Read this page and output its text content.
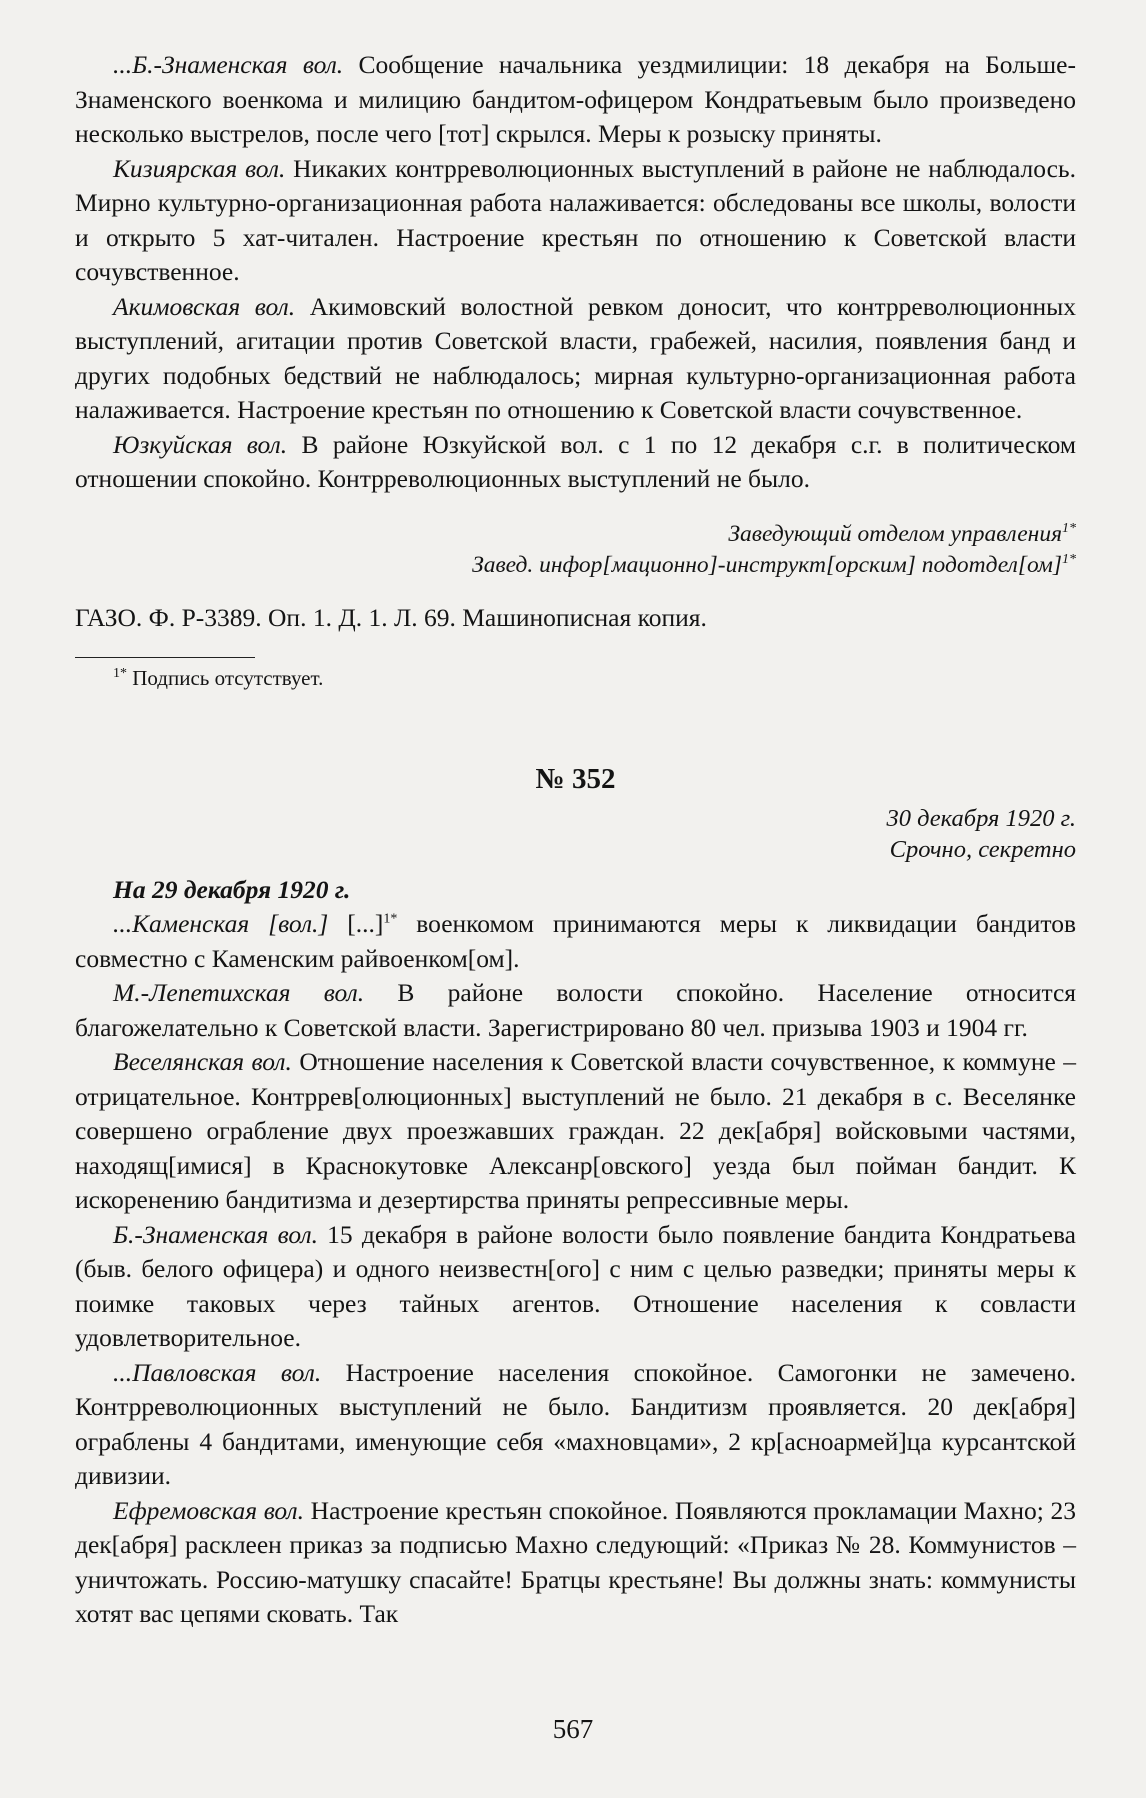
...Б.-Знаменская вол. Сообщение начальника уездмилиции: 18 декабря на Больше-Знаменского военкома и милицию бандитом-офицером Кондратьевым было произведено несколько выстрелов, после чего [тот] скрылся. Меры к розыску приняты.

Кизиярская вол. Никаких контрреволюционных выступлений в районе не наблюдалось. Мирно культурно-организационная работа налаживается: обследованы все школы, волости и открыто 5 хат-читален. Настроение крестьян по отношению к Советской власти сочувственное.

Акимовская вол. Акимовский волостной ревком доносит, что контрреволюционных выступлений, агитации против Советской власти, грабежей, насилия, появления банд и других подобных бедствий не наблюдалось; мирная культурно-организационная работа налаживается. Настроение крестьян по отношению к Советской власти сочувственное.

Юзкуйская вол. В районе Юзкуйской вол. с 1 по 12 декабря с.г. в политическом отношении спокойно. Контрреволюционных выступлений не было.

Заведующий отделом управления$^{1*}$

Завед. инфор[мационно]-инструкт[орским] подотдел[ом]$^{1*}$

ГАЗО. Ф. Р-3389. Оп. 1. Д. 1. Л. 69. Машинописная копия.

$^{1*}$ Подпись отсутствует.

№ 352

30 декабря 1920 г.

Срочно, секретно

На 29 декабря 1920 г.

...Каменская [вол.] [...]$^{1*}$ военкомом принимаются меры к ликвидации бандитов совместно с Каменским райвоенком[ом].

М.-Лепетихская вол. В районе волости спокойно. Население относится благожелательно к Советской власти. Зарегистрировано 80 чел. призыва 1903 и 1904 гг.

Веселянская вол. Отношение населения к Советской власти сочувственное, к коммуне – отрицательное. Контррев[олюционных] выступлений не было. 21 декабря в с. Веселянке совершено ограбление двух проезжавших граждан. 22 дек[абря] войсковыми частями, находящ[имися] в Краснокутовке Алексанр[овского] уезда был пойман бандит. К искоренению бандитизма и дезертирства приняты репрессивные меры.

Б.-Знаменская вол. 15 декабря в районе волости было появление бандита Кондратьева (быв. белого офицера) и одного неизвестн[ого] с ним с целью разведки; приняты меры к поимке таковых через тайных агентов. Отношение населения к совласти удовлетворительное.

...Павловская вол. Настроение населения спокойное. Самогонки не замечено. Контрреволюционных выступлений не было. Бандитизм проявляется. 20 дек[абря] ограблены 4 бандитами, именующие себя «махновцами», 2 кр[асноармей]ца курсантской дивизии.

Ефремовская вол. Настроение крестьян спокойное. Появляются прокламации Махно; 23 дек[абря] расклеен приказ за подписью Махно следующий: «Приказ № 28. Коммунистов – уничтожать. Россию-матушку спасайте! Братцы крестьяне! Вы должны знать: коммунисты хотят вас цепями сковать. Так

567
